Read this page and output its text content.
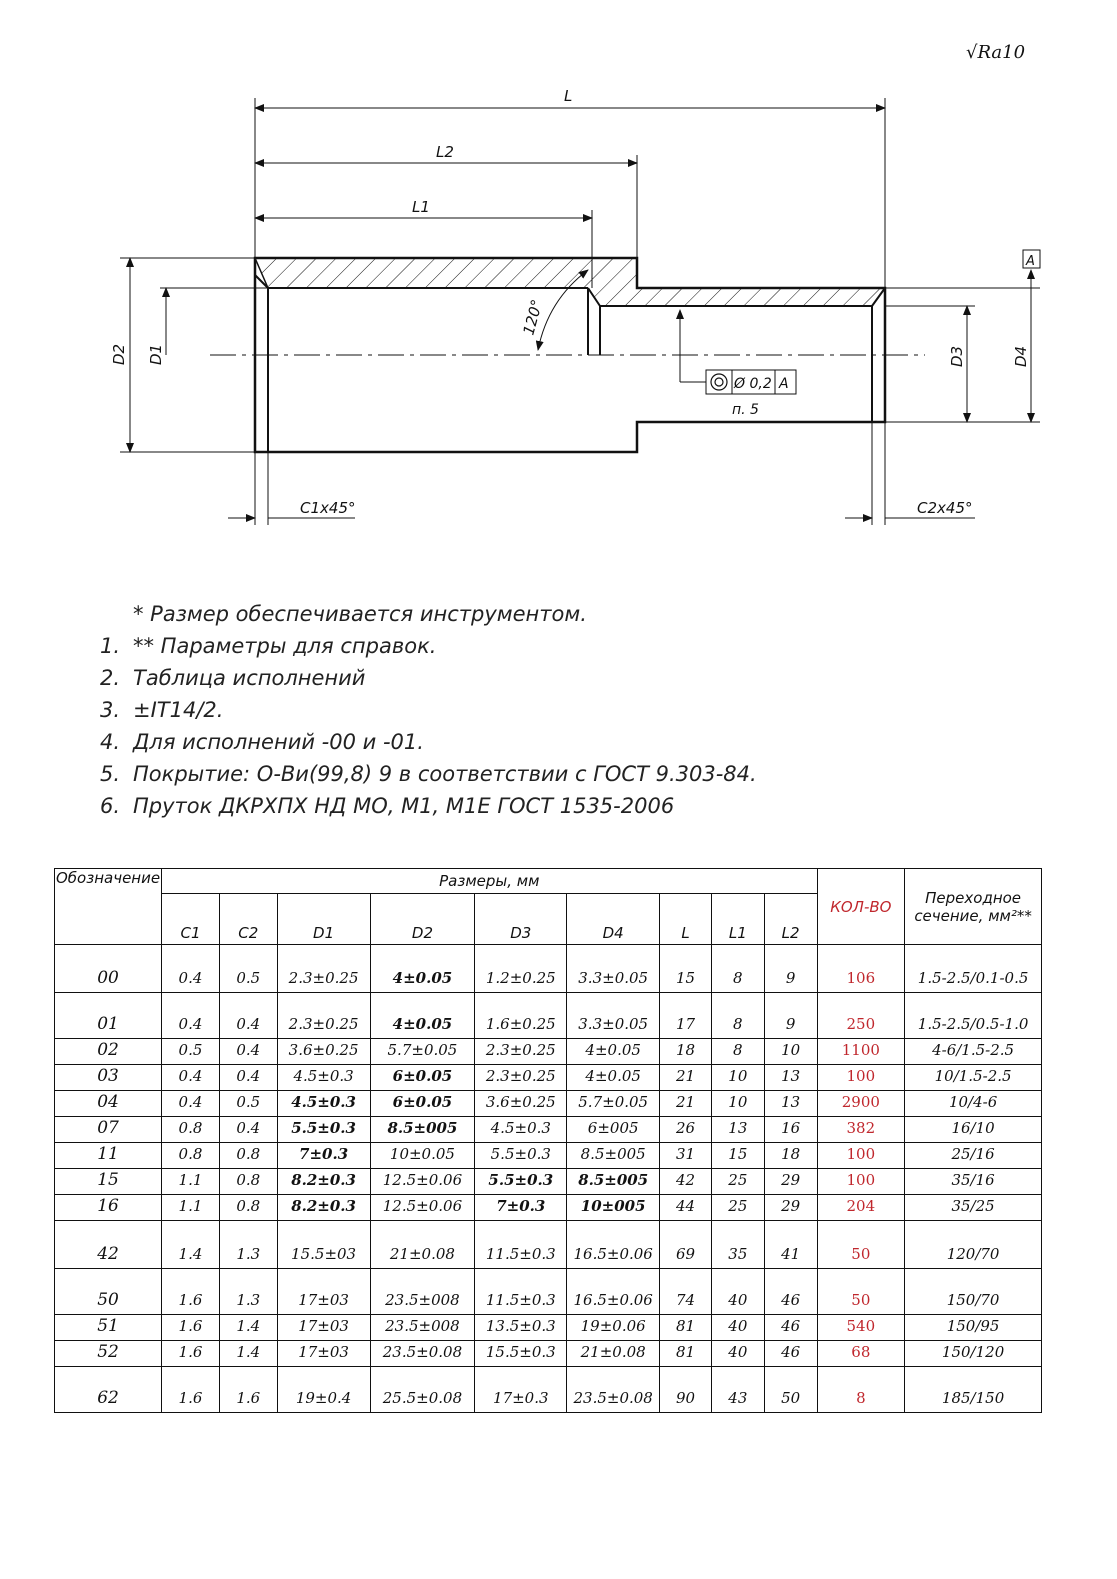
√Ra10
L
L2
L1
D2 D1	D3	D4
A
120°
Ø 0,2 A
п. 5
C1x45°	C2x45°
* Размер обеспечивается инструментом.
1. ** Параметры для справок.
2. Таблица исполнений
3. ±IT14/2.
4. Для исполнений -00 и -01.
5. Покрытие: О-Ви(99,8) 9 в соответствии с ГОСТ 9.303-84.
6. Пруток ДКРХПХ НД МО, М1, М1Е ГОСТ 1535-2006
Обозначение	Размеры, мм									КОЛ-ВО	Переходное сечение, мм²**
	C1	C2	D1	D2	D3	D4	L	L1	L2		
00	0.4	0.5	2.3±0.25	4±0.05	1.2±0.25	3.3±0.05	15	8	9	106	1.5-2.5/0.1-0.5
01	0.4	0.4	2.3±0.25	4±0.05	1.6±0.25	3.3±0.05	17	8	9	250	1.5-2.5/0.5-1.0
02	0.5	0.4	3.6±0.25	5.7±0.05	2.3±0.25	4±0.05	18	8	10	1100	4-6/1.5-2.5
03	0.4	0.4	4.5±0.3	6±0.05	2.3±0.25	4±0.05	21	10	13	100	10/1.5-2.5
04	0.4	0.5	4.5±0.3	6±0.05	3.6±0.25	5.7±0.05	21	10	13	2900	10/4-6
07	0.8	0.4	5.5±0.3	8.5±005	4.5±0.3	6±005	26	13	16	382	16/10
11	0.8	0.8	7±0.3	10±0.05	5.5±0.3	8.5±005	31	15	18	100	25/16
15	1.1	0.8	8.2±0.3	12.5±0.06	5.5±0.3	8.5±005	42	25	29	100	35/16
16	1.1	0.8	8.2±0.3	12.5±0.06	7±0.3	10±005	44	25	29	204	35/25
42	1.4	1.3	15.5±03	21±0.08	11.5±0.3	16.5±0.06	69	35	41	50	120/70
50	1.6	1.3	17±03	23.5±008	11.5±0.3	16.5±0.06	74	40	46	50	150/70
51	1.6	1.4	17±03	23.5±008	13.5±0.3	19±0.06	81	40	46	540	150/95
52	1.6	1.4	17±03	23.5±0.08	15.5±0.3	21±0.08	81	40	46	68	150/120
62	1.6	1.6	19±0.4	25.5±0.08	17±0.3	23.5±0.08	90	43	50	8	185/150
